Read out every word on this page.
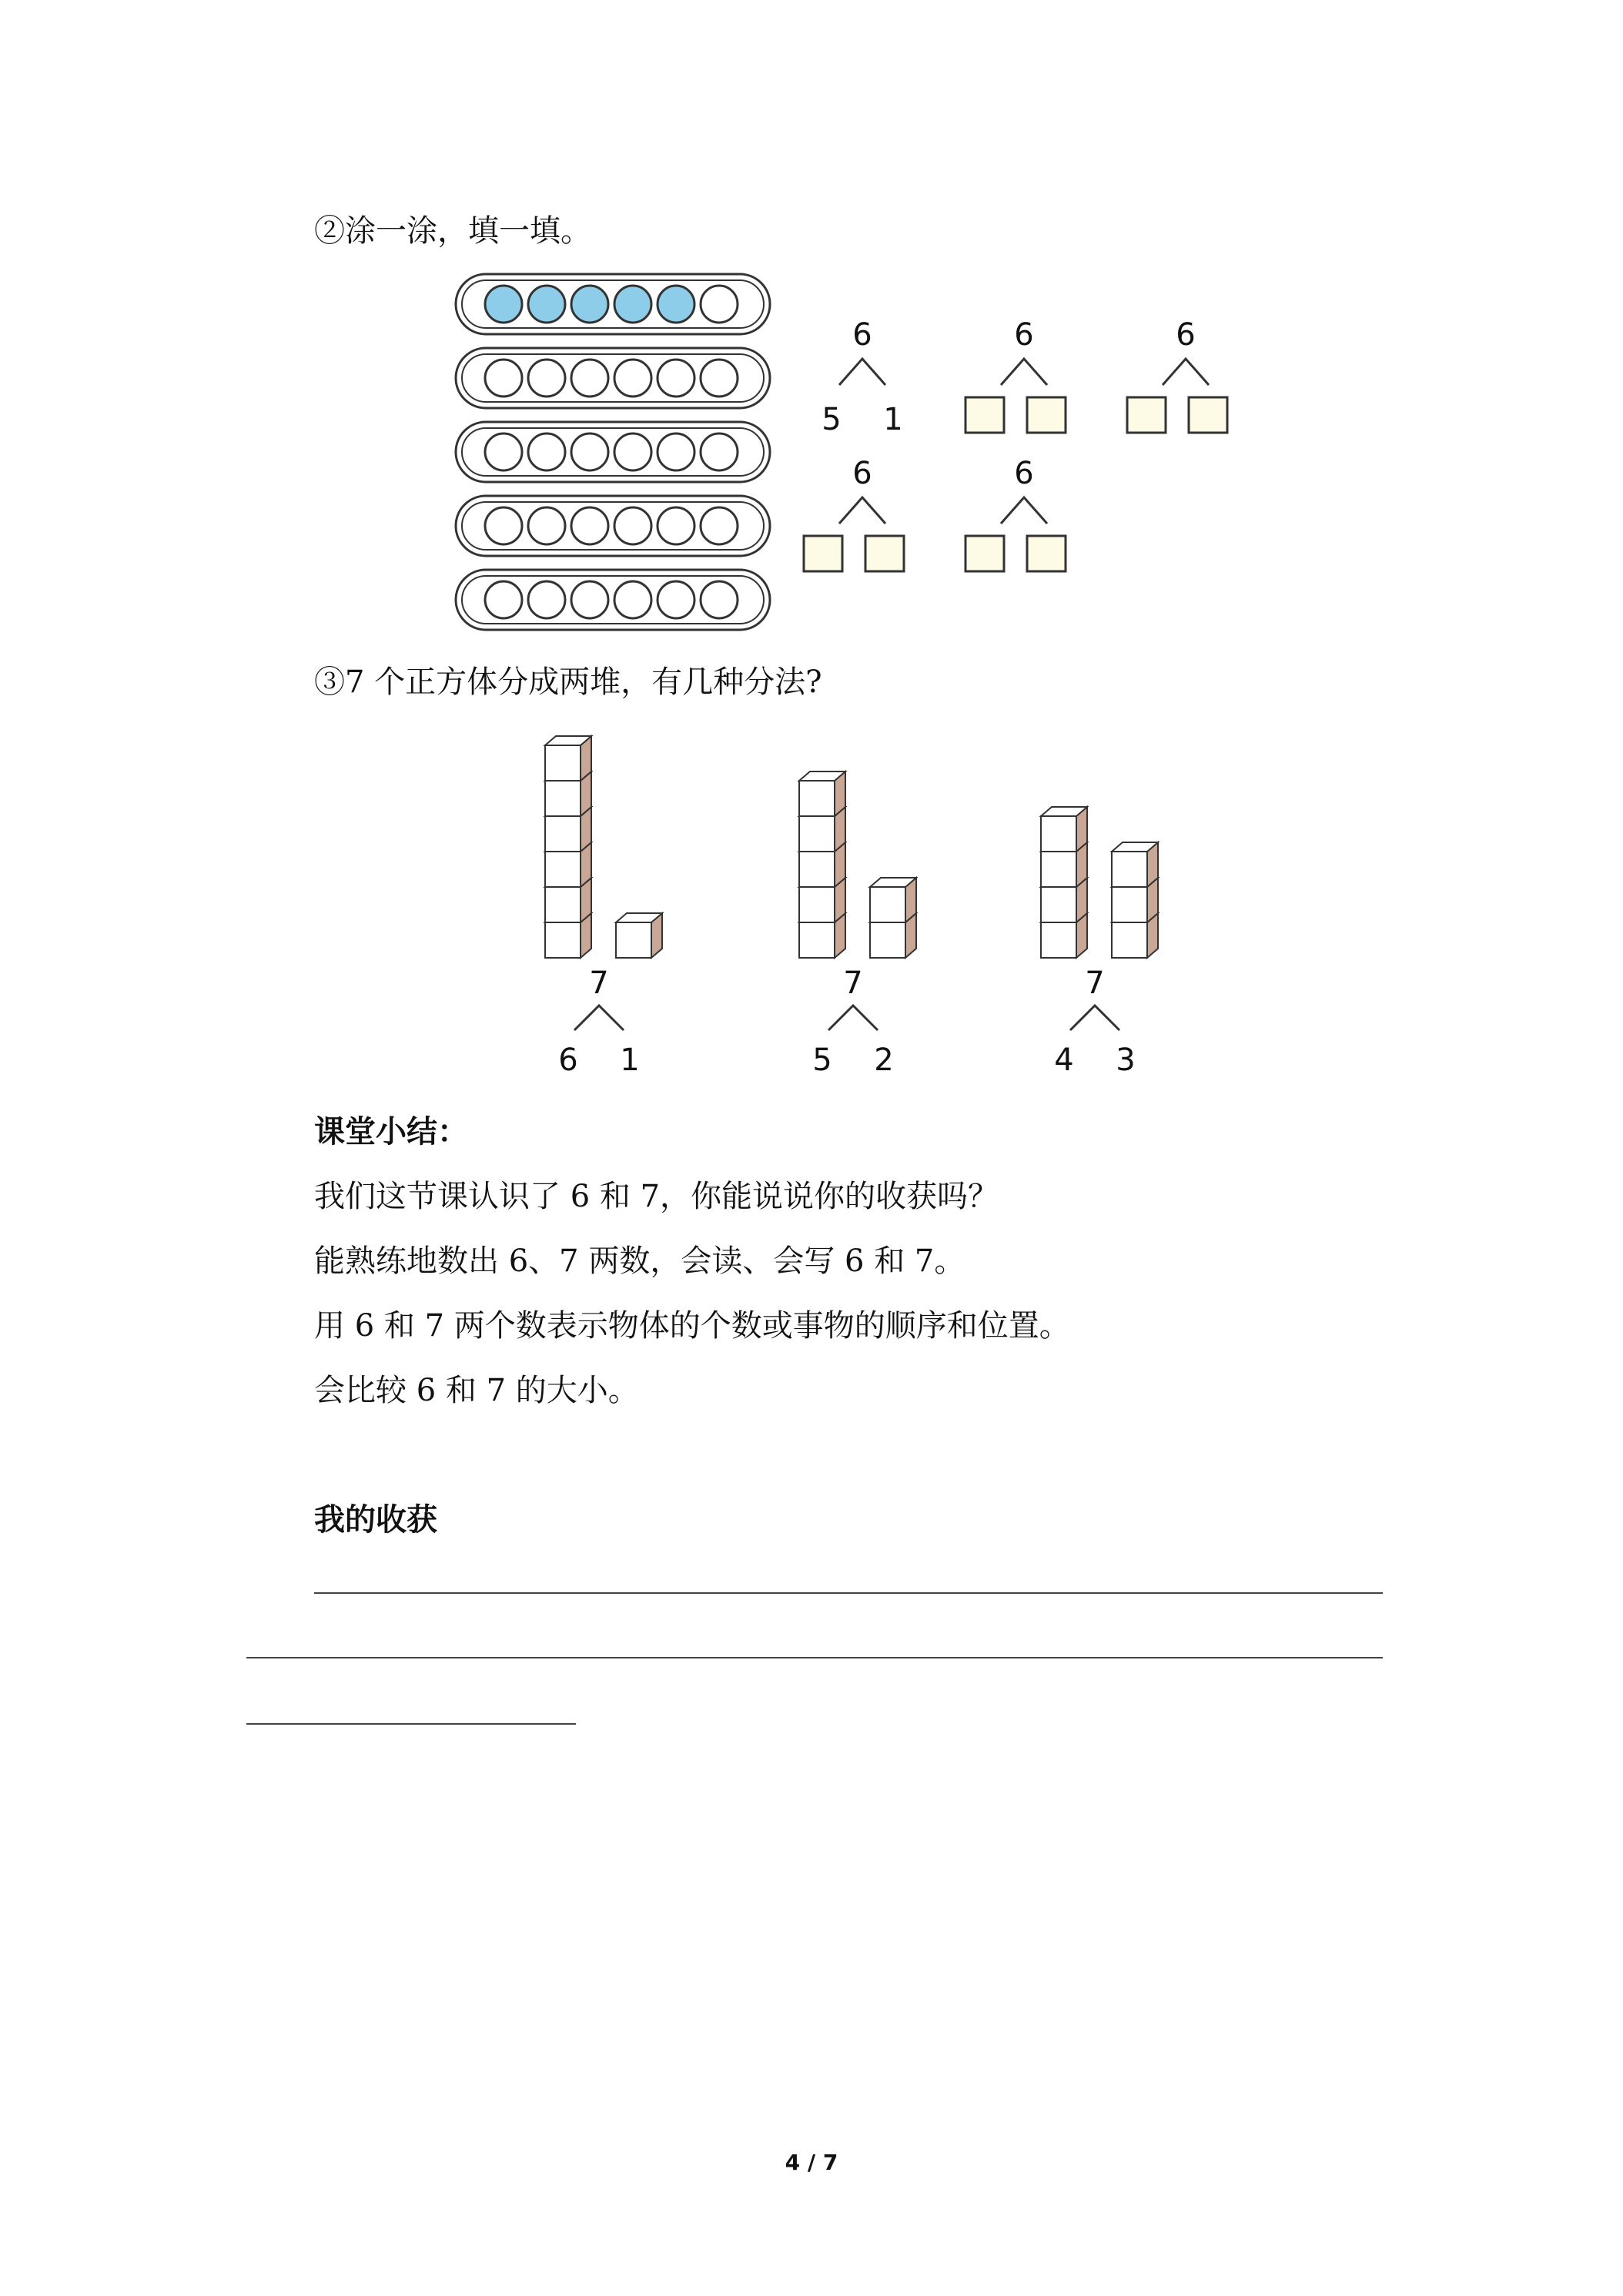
②涂一涂，填一填。
6
5 1
6	6
6	6
③7 个正方体分成两堆，有几种分法?
7
6 1
7
5 2
7
4 3
课堂小结：
我们这节课认识了 6 和 7，你能说说你的收获吗？
能熟练地数出 6、7 两数，会读、会写 6 和 7。
用 6 和 7 两个数表示物体的个数或事物的顺序和位置。
会比较 6 和 7 的大小。
我的收获
4 / 7
